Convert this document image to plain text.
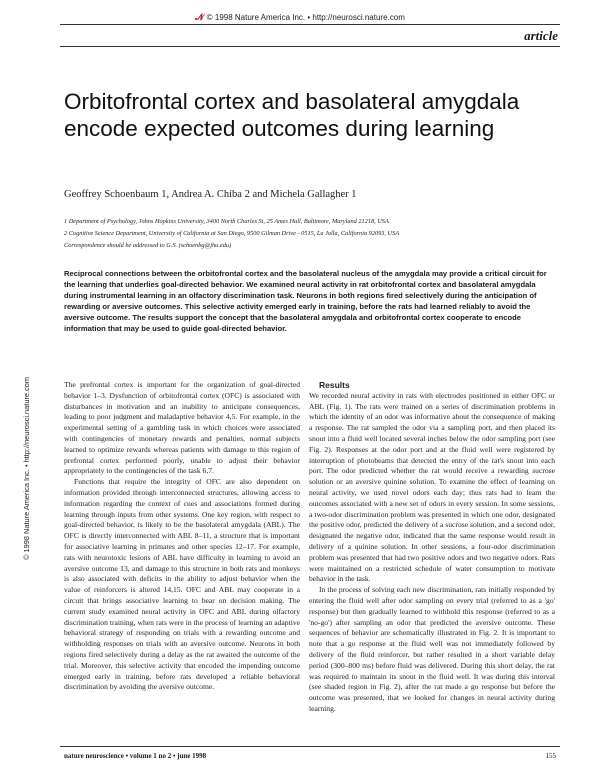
𝓝 © 1998 Nature America Inc. • http://neurosci.nature.com
article
Orbitofrontal cortex and basolateral amygdala encode expected outcomes during learning
Geoffrey Schoenbaum 1, Andrea A. Chiba 2 and Michela Gallagher 1
1 Department of Psychology, Johns Hopkins University, 3400 North Charles St, 25 Ames Hall, Baltimore, Maryland 21218, USA
2 Cognitive Science Department, University of California at San Diego, 9500 Gilman Drive - 0515, La Jolla, California 92093, USA
Correspondence should be addressed to G.S. (schoenbg@jhu.edu)
Reciprocal connections between the orbitofrontal cortex and the basolateral nucleus of the amygdala may provide a critical circuit for the learning that underlies goal-directed behavior. We examined neural activity in rat orbitofrontal cortex and basolateral amygdala during instrumental learning in an olfactory discrimination task. Neurons in both regions fired selectively during the anticipation of rewarding or aversive outcomes. This selective activity emerged early in training, before the rats had learned reliably to avoid the aversive outcome. The results support the concept that the basolateral amygdala and orbitofrontal cortex cooperate to encode information that may be used to guide goal-directed behavior.
© 1998 Nature America Inc. • http://neurosci.nature.com	The prefrontal cortex is important for the organization of goal-directed behavior 1–3. Dysfunction of orbitofrontal cortex (OFC) is associated with disturbances in motivation and an inability to anticipate consequences, leading to poor judgment and maladaptive behavior 4,5. For example, in the experimental setting of a gambling task in which choices were associated with contingencies of monetary rewards and penalties, normal subjects learned to optimize rewards whereas patients with damage to this region of prefrontal cortex performed poorly, unable to adjust their behavior appropriately to the contingencies of the task 6,7.

Functions that require the integrity of OFC are also dependent on information provided through interconnected structures, allowing access to information regarding the context of cues and associations formed during learning through inputs from other systems. One key region, with respect to goal-directed behavior, is likely to be the basolateral amygdala (ABL). The OFC is directly interconnected with ABL 8–11, a structure that is important for associative learning in primates and other species 12–17. For example, rats with neurotoxic lesions of ABL have difficulty in learning to avoid an aversive outcome 13, and damage to this structure in both rats and monkeys is also associated with deficits in the ability to adjust behavior when the value of reinforcers is altered 14,15. OFC and ABL may cooperate in a circuit that brings associative learning to bear on decision making. The current study examined neural activity in OFC and ABL during olfactory discrimination training, when rats were in the process of learning an adaptive behavioral strategy of responding on trials with a rewarding outcome and withholding responses on trials with an aversive outcome. Neurons in both regions fired selectively during a delay as the rat awaited the outcome of the trial. Moreover, this selective activity that encoded the impending outcome emerged early in training, before rats developed a reliable behavioral discrimination by avoiding the aversive outcome.

Results

We recorded neural activity in rats with electrodes positioned in either OFC or ABL (Fig. 1). The rats were trained on a series of discrimination problems in which the identity of an odor was informative about the consequence of making a response. The rat sampled the odor via a sampling port, and then placed its snout into a fluid well located several inches below the odor sampling port (see Fig. 2). Responses at the odor port and at the fluid well were registered by interruption of photobeams that detected the entry of the rat's snout into each port. The odor predicted whether the rat would receive a rewarding sucrose solution or an aversive quinine solution. To examine the effect of learning on neural activity, we used novel odors each day; thus rats had to learn the outcomes associated with a new set of odors in every session. In some sessions, a two-odor discrimination problem was presented in which one odor, designated the positive odor, predicted the delivery of a sucrose solution, and a second odor, designated the negative odor, indicated that the same response would result in delivery of a quinine solution. In other sessions, a four-odor discrimination problem was presented that had two positive odors and two negative odors. Rats were maintained on a restricted schedule of water consumption to motivate behavior in the task.

In the process of solving each new discrimination, rats initially responded by entering the fluid well after odor sampling on every trial (referred to as a 'go' response) but then gradually learned to withhold this response (referred to as a 'no-go') after sampling an odor that predicted the aversive outcome. These sequences of behavior are schematically illustrated in Fig. 2. It is important to note that a go response at the fluid well was not immediately followed by delivery of the fluid reinforcer, but rather resulted in a short variable delay period (300–800 ms) before fluid was delivered. During this short delay, the rat was required to maintain its snout in the fluid well. It was during this interval (see shaded region in Fig. 2), after the rat made a go response but before the outcome was presented, that we looked for changes in neural activity during learning.

nature neuroscience • volume 1 no 2 • june 1998	155
